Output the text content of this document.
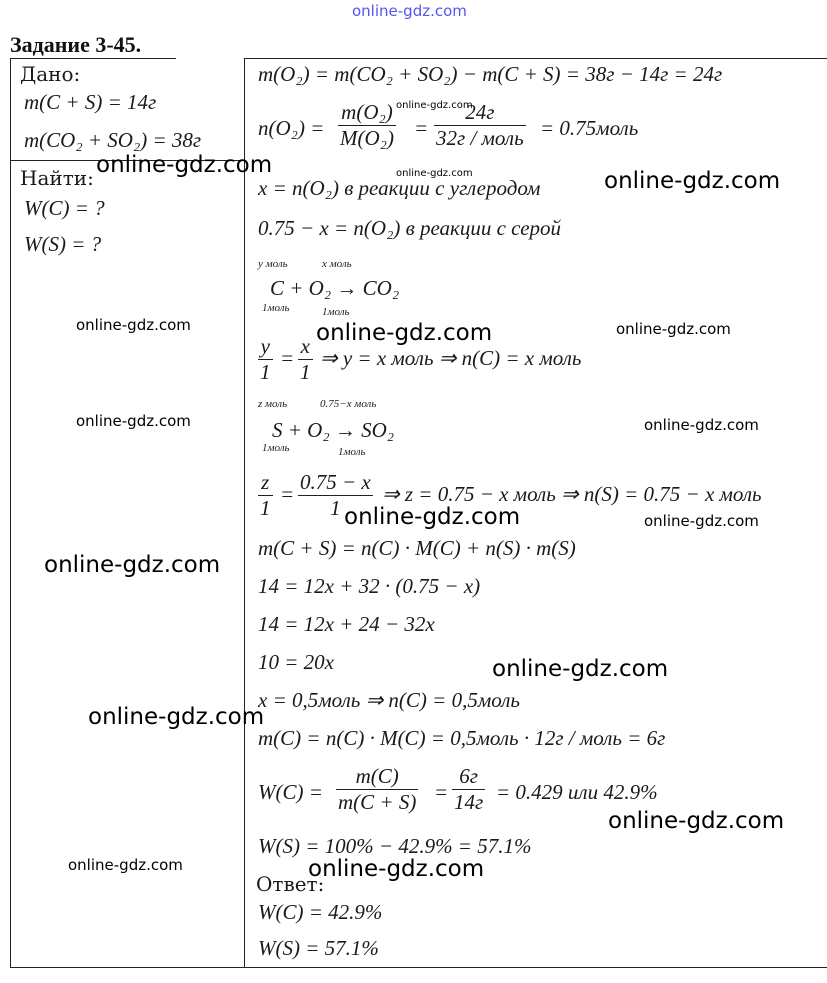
online-gdz.com
Задание 3-45.
Дано:
m(C + S) = 14г
m(CO₂ + SO₂) = 38г
Найти:
W(C) = ?
W(S) = ?
m(O₂) = m(CO₂ + SO₂) − m(C + S) = 38г − 14г = 24г
$n(O_2) = \frac{\text{m(O₂)}}{\text{M(O₂)}}$ =
24г
32г / моль = 0.75моль
x = n(O₂) в реакции с углеродом
0.75 − x = n(O₂) в реакции с серой
y моль	x моль
C + O₂ → CO₂
1моль	1моль
$\frac{y}{1} = \frac{x}{1}$ ⇒ y = x моль ⇒ n(C) = x моль
z моль	0.75−x моль
S + O₂ → SO₂
1моль	1моль
$\frac{z}{1} = \frac{0.75 - x}{1}$ ⇒ z = 0.75 − x моль ⇒ n(S) = 0.75 − x моль
m(C + S) = n(C) · M(C) + n(S) · m(S)
14 = 12x + 32 · (0.75 − x)
14 = 12x + 24 − 32x
10 = 20x
x = 0,5моль ⇒ n(C) = 0,5моль
m(C) = n(C) · M(C) = 0,5моль · 12г / моль = 6г
$W(C) = \frac{m(C)}{m(C + S)}$ =
6г
14г = 0.429 или 42.9%
W(S) = 100% − 42.9% = 57.1%
Ответ:
W(C) = 42.9%
W(S) = 57.1%
online-gdz.com
online-gdz.com
online-gdz.com
online-gdz.com
online-gdz.com	online-gdz.com	online-gdz.com
online-gdz.com	online-gdz.com
online-gdz.com	online-gdz.com
online-gdz.com
online-gdz.com
online-gdz.com
online-gdz.com
online-gdz.com	online-gdz.com
